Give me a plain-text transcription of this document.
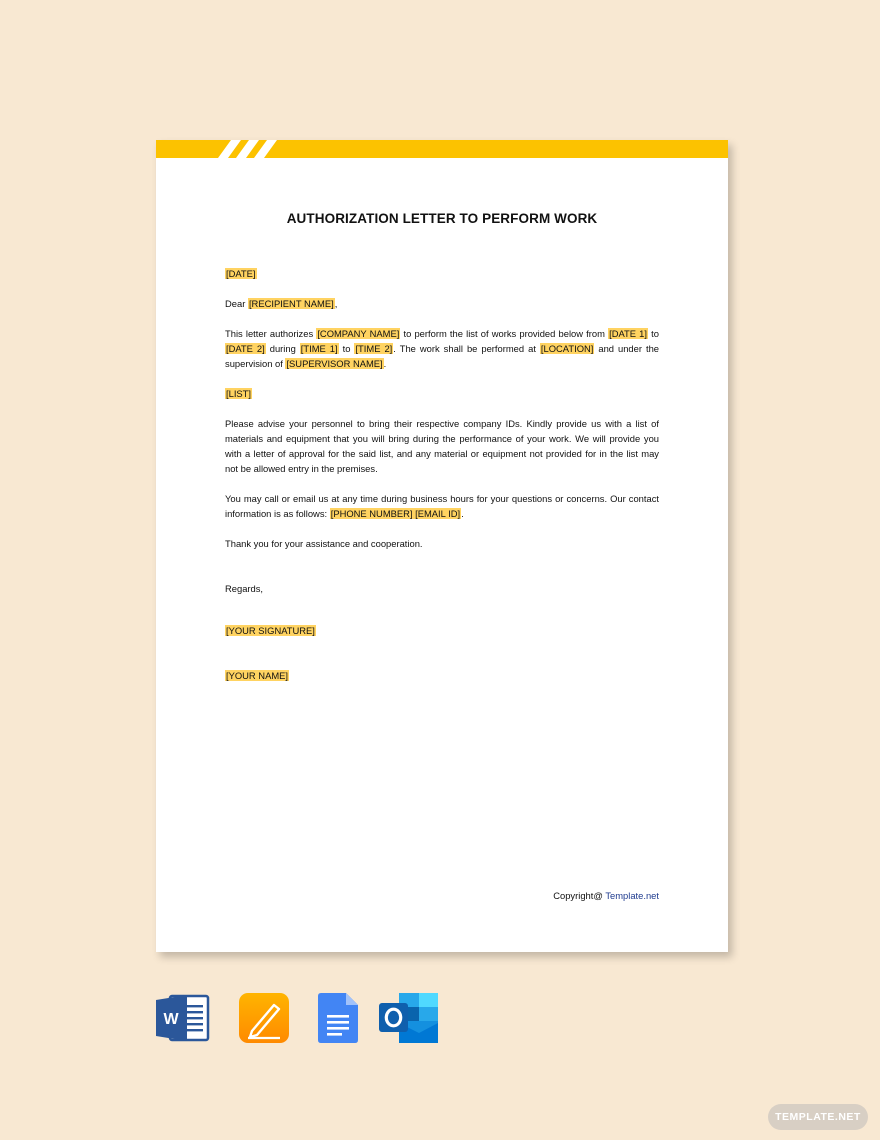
AUTHORIZATION LETTER TO PERFORM WORK

[DATE]

Dear [RECIPIENT NAME],

This letter authorizes [COMPANY NAME] to perform the list of works provided below from [DATE 1] to [DATE 2] during [TIME 1] to [TIME 2]. The work shall be performed at [LOCATION] and under the supervision of [SUPERVISOR NAME].

[LIST]

Please advise your personnel to bring their respective company IDs. Kindly provide us with a list of materials and equipment that you will bring during the performance of your work. We will provide you with a letter of approval for the said list, and any material or equipment not provided for in the list may not be allowed entry in the premises.

You may call or email us at any time during business hours for your questions or concerns. Our contact information is as follows: [PHONE NUMBER] [EMAIL ID].

Thank you for your assistance and cooperation.

Regards,

[YOUR SIGNATURE]

[YOUR NAME]

Copyright@ Template.net
W
TEMPLATE.NET
